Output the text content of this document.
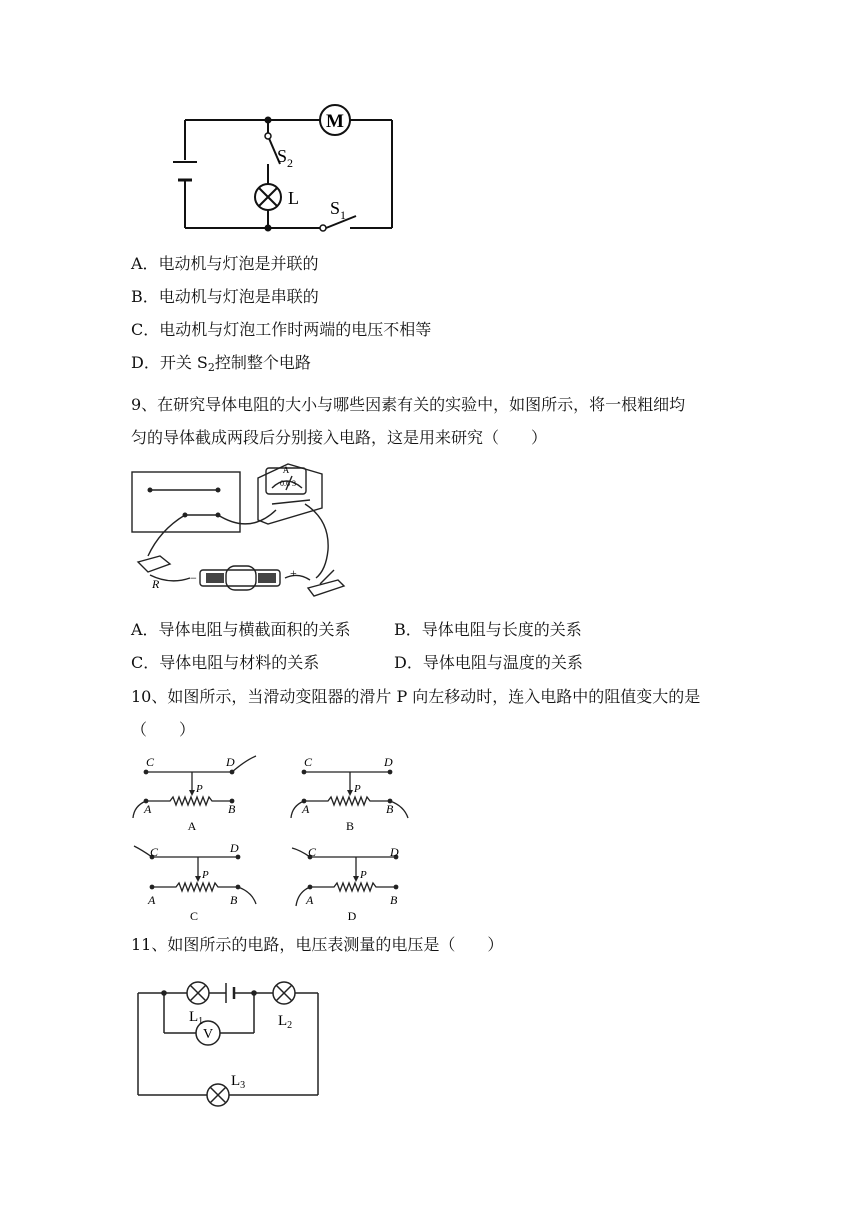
M
$S_2$
L $S_1$
A．电动机与灯泡是并联的
B．电动机与灯泡是串联的
C．电动机与灯泡工作时两端的电压不相等
D．开关 $S_2$控制整个电路
9、在研究导体电阻的大小与哪些因素有关的实验中，如图所示，将一根粗细均
匀的导体截成两段后分别接入电路，这是用来研究（　　）
A
0.6 3
R	−	+
A．导体电阻与横截面积的关系	B．导体电阻与长度的关系
C．导体电阻与材料的关系	D．导体电阻与温度的关系
10、如图所示，当滑动变阻器的滑片 P 向左移动时，连入电路中的阻值变大的是
（　　）
C	D
P
A	B
A
C	D
P
A	B
B
C	D
P
A	B
C
C	D
P
A	B
D
11、如图所示的电路，电压表测量的电压是（　　）
$L_1$	$L_2$
V
$L_3$
